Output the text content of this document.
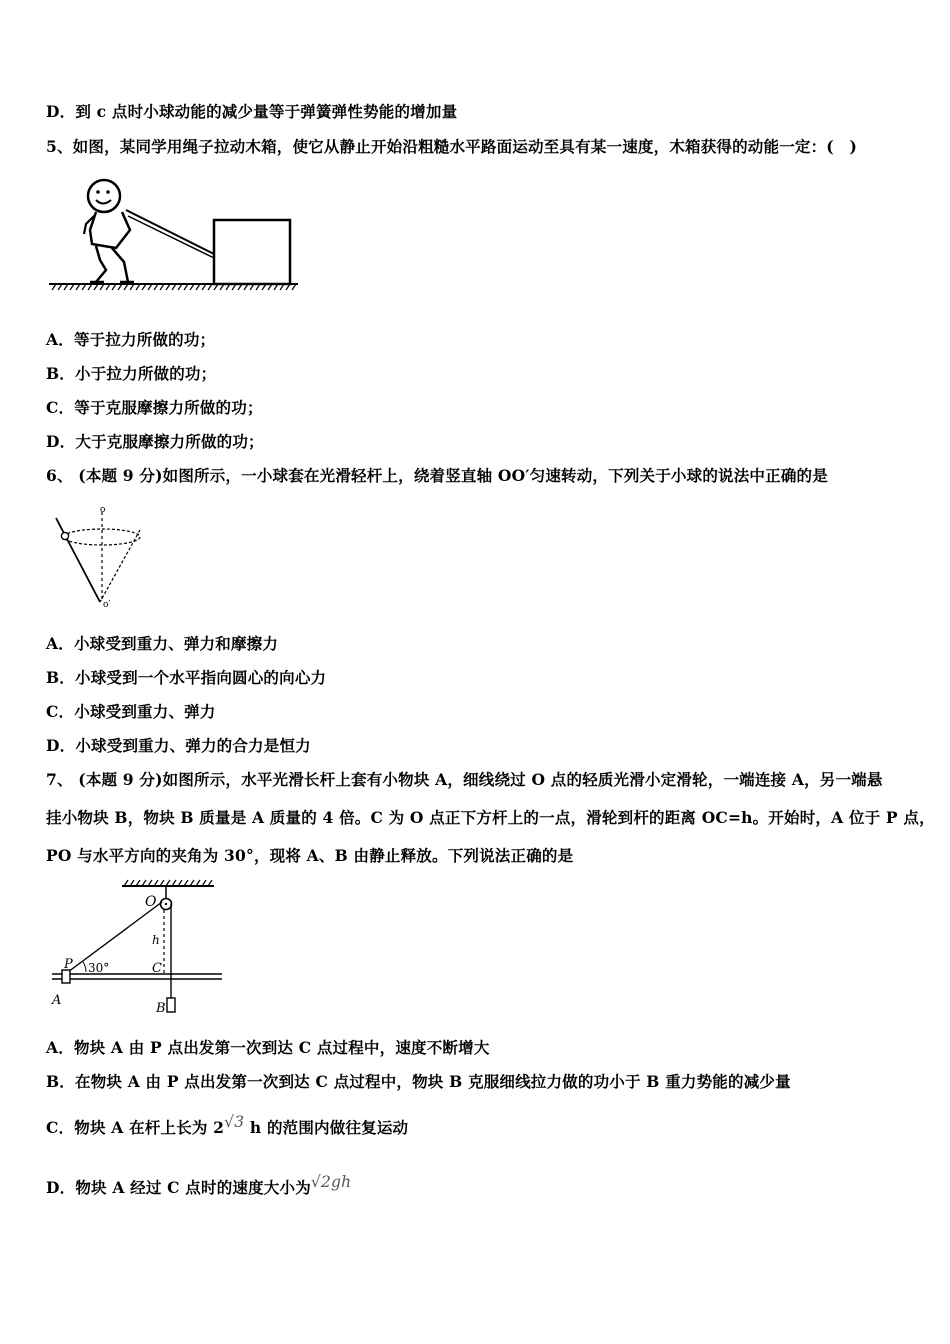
D．到 c 点时小球动能的减少量等于弹簧弹性势能的增加量
5、如图，某同学用绳子拉动木箱，使它从静止开始沿粗糙水平路面运动至具有某一速度，木箱获得的动能一定：(　)
A．等于拉力所做的功；
B．小于拉力所做的功；
C．等于克服摩擦力所做的功；
D．大于克服摩擦力所做的功；
6、 (本题 9 分)如图所示，一小球套在光滑轻杆上，绕着竖直轴 OO′匀速转动，下列关于小球的说法中正确的是
o
o′
A．小球受到重力、弹力和摩擦力
B．小球受到一个水平指向圆心的向心力
C．小球受到重力、弹力
D．小球受到重力、弹力的合力是恒力
7、 (本题 9 分)如图所示，水平光滑长杆上套有小物块 A，细线绕过 O 点的轻质光滑小定滑轮，一端连接 A，另一端悬
挂小物块 B，物块 B 质量是 A 质量的 4 倍。C 为 O 点正下方杆上的一点，滑轮到杆的距离 OC=h。开始时，A 位于 P 点，
PO 与水平方向的夹角为 30°，现将 A、B 由静止释放。下列说法正确的是
O
h
P 30°	C
A
B
A．物块 A 由 P 点出发第一次到达 C 点过程中，速度不断增大
B．在物块 A 由 P 点出发第一次到达 C 点过程中，物块 B 克服细线拉力做的功小于 B 重力势能的减少量
C．物块 A 在杆上长为 2√3 h 的范围内做往复运动
D．物块 A 经过 C 点时的速度大小为√2gh
